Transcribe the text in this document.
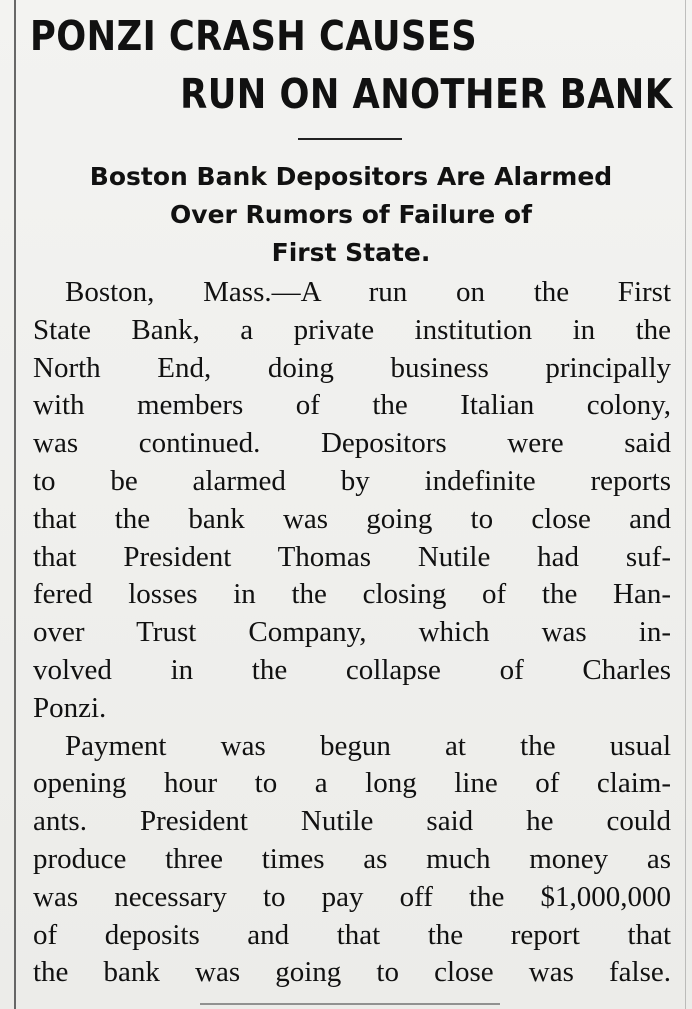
PONZI CRASH CAUSES
RUN ON ANOTHER BANK
Boston Bank Depositors Are Alarmed
Over Rumors of Failure of
First State.
Boston, Mass.—A run on the First
State Bank, a private institution in the
North End, doing business principally
with members of the Italian colony,
was continued. Depositors were said
to be alarmed by indefinite reports
that the bank was going to close and
that President Thomas Nutile had suf-
fered losses in the closing of the Han-
over Trust Company, which was in-
volved in the collapse of Charles
Ponzi.
Payment was begun at the usual
opening hour to a long line of claim-
ants. President Nutile said he could
produce three times as much money as
was necessary to pay off the $1,000,000
of deposits and that the report that
the bank was going to close was false.
